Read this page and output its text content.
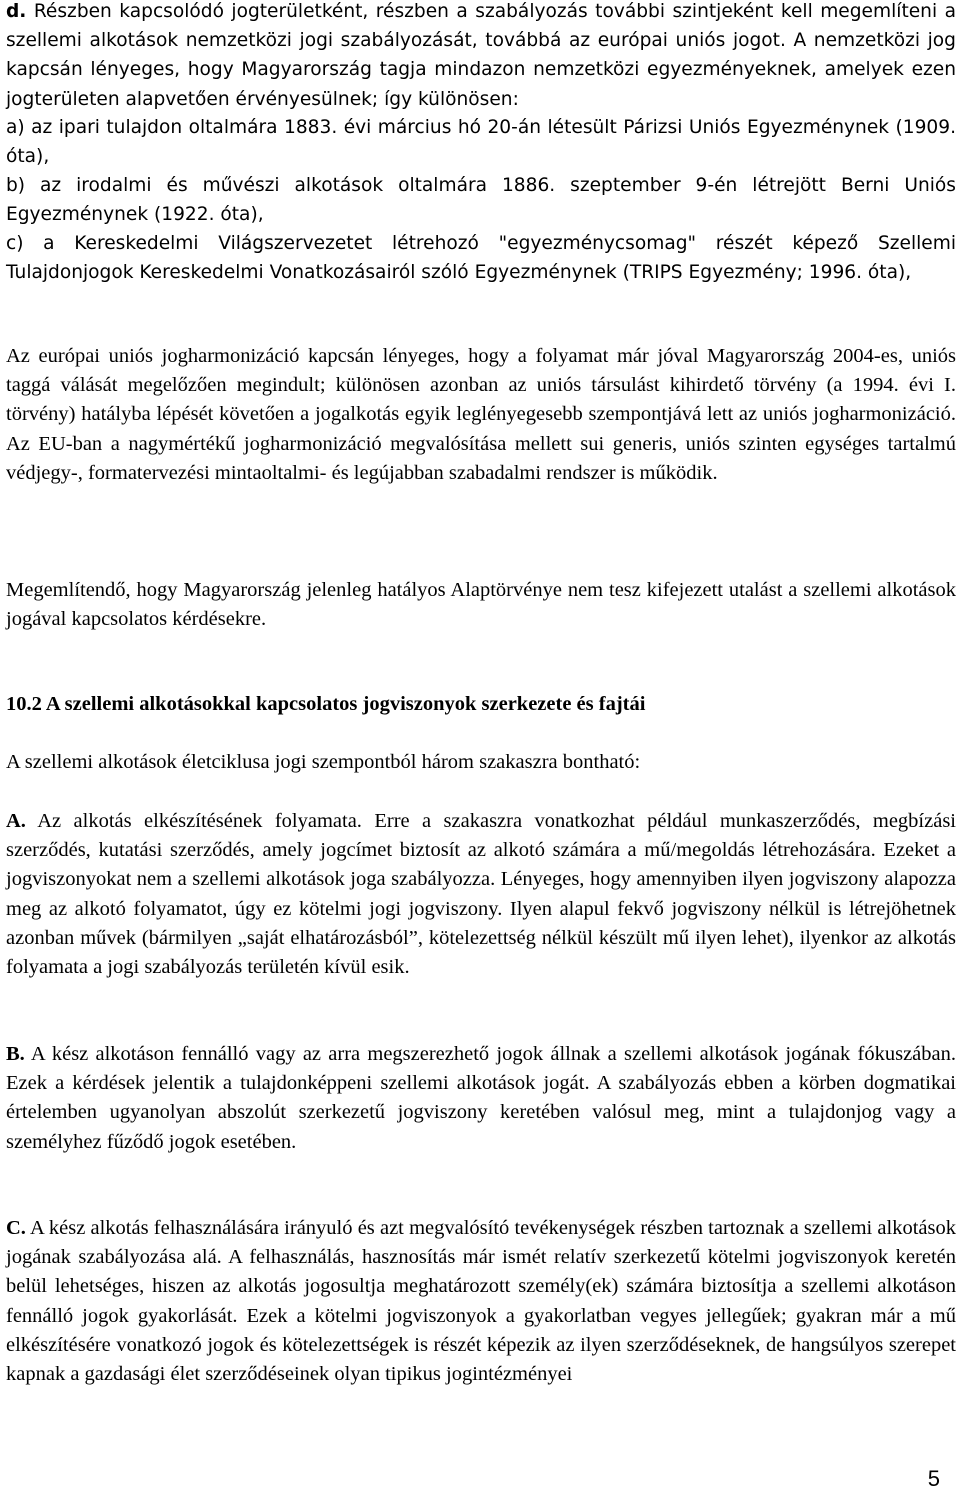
d. Részben kapcsolódó jogterületként, részben a szabályozás további szintjeként kell megemlíteni a szellemi alkotások nemzetközi jogi szabályozását, továbbá az európai uniós jogot. A nemzetközi jog kapcsán lényeges, hogy Magyarország tagja mindazon nemzetközi egyezményeknek, amelyek ezen jogterületen alapvetően érvényesülnek; így különösen:

a) az ipari tulajdon oltalmára 1883. évi március hó 20-án létesült Párizsi Uniós Egyezménynek (1909. óta),

b) az irodalmi és művészi alkotások oltalmára 1886. szeptember 9-én létrejött Berni Uniós Egyezménynek (1922. óta),

c) a Kereskedelmi Világszervezetet létrehozó "egyezménycsomag" részét képező Szellemi Tulajdonjogok Kereskedelmi Vonatkozásairól szóló Egyezménynek (TRIPS Egyezmény; 1996. óta),

Az európai uniós jogharmonizáció kapcsán lényeges, hogy a folyamat már jóval Magyarország 2004-es, uniós taggá válását megelőzően megindult; különösen azonban az uniós társulást kihirdető törvény (a 1994. évi I. törvény) hatályba lépését követően a jogalkotás egyik leglényegesebb szempontjává lett az uniós jogharmonizáció. Az EU-ban a nagymértékű jogharmonizáció megvalósítása mellett sui generis, uniós szinten egységes tartalmú védjegy-, formatervezési mintaoltalmi- és legújabban szabadalmi rendszer is működik.

Megemlítendő, hogy Magyarország jelenleg hatályos Alaptörvénye nem tesz kifejezett utalást a szellemi alkotások jogával kapcsolatos kérdésekre.

10.2 A szellemi alkotásokkal kapcsolatos jogviszonyok szerkezete és fajtái

A szellemi alkotások életciklusa jogi szempontból három szakaszra bontható:

A. Az alkotás elkészítésének folyamata. Erre a szakaszra vonatkozhat például munkaszerződés, megbízási szerződés, kutatási szerződés, amely jogcímet biztosít az alkotó számára a mű/megoldás létrehozására. Ezeket a jogviszonyokat nem a szellemi alkotások joga szabályozza. Lényeges, hogy amennyiben ilyen jogviszony alapozza meg az alkotó folyamatot, úgy ez kötelmi jogi jogviszony. Ilyen alapul fekvő jogviszony nélkül is létrejöhetnek azonban művek (bármilyen „saját elhatározásból”, kötelezettség nélkül készült mű ilyen lehet), ilyenkor az alkotás folyamata a jogi szabályozás területén kívül esik.

B. A kész alkotáson fennálló vagy az arra megszerezhető jogok állnak a szellemi alkotások jogának fókuszában. Ezek a kérdések jelentik a tulajdonképpeni szellemi alkotások jogát. A szabályozás ebben a körben dogmatikai értelemben ugyanolyan abszolút szerkezetű jogviszony keretében valósul meg, mint a tulajdonjog vagy a személyhez fűződő jogok esetében.

C. A kész alkotás felhasználására irányuló és azt megvalósító tevékenységek részben tartoznak a szellemi alkotások jogának szabályozása alá. A felhasználás, hasznosítás már ismét relatív szerkezetű kötelmi jogviszonyok keretén belül lehetséges, hiszen az alkotás jogosultja meghatározott személy(ek) számára biztosítja a szellemi alkotáson fennálló jogok gyakorlását. Ezek a kötelmi jogviszonyok a gyakorlatban vegyes jellegűek; gyakran már a mű elkészítésére vonatkozó jogok és kötelezettségek is részét képezik az ilyen szerződéseknek, de hangsúlyos szerepet kapnak a gazdasági élet szerződéseinek olyan tipikus jogintézményei

5
